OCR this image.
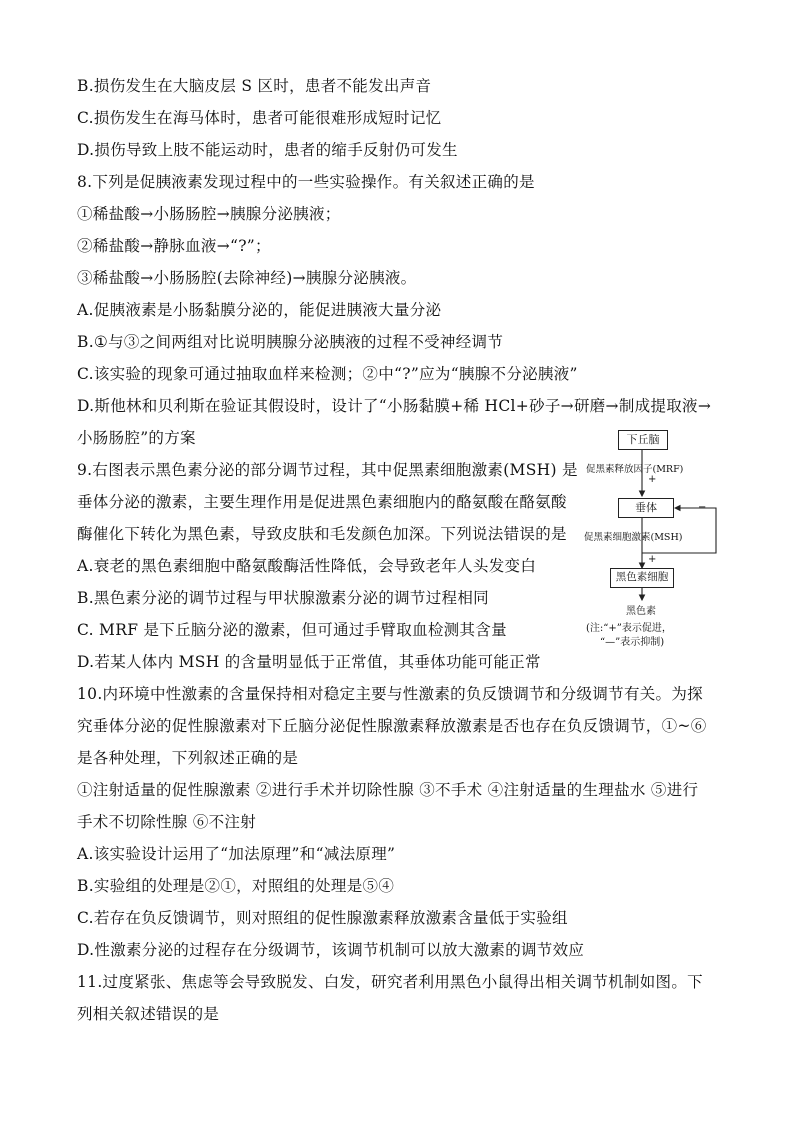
B.损伤发生在大脑皮层 S 区时，患者不能发出声音
C.损伤发生在海马体时，患者可能很难形成短时记忆
D.损伤导致上肢不能运动时，患者的缩手反射仍可发生
8.下列是促胰液素发现过程中的一些实验操作。有关叙述正确的是
①稀盐酸→小肠肠腔→胰腺分泌胰液；
②稀盐酸→静脉血液→“?”；
③稀盐酸→小肠肠腔(去除神经)→胰腺分泌胰液。
A.促胰液素是小肠黏膜分泌的，能促进胰液大量分泌
B.①与③之间两组对比说明胰腺分泌胰液的过程不受神经调节
C.该实验的现象可通过抽取血样来检测；②中“?”应为“胰腺不分泌胰液”
D.斯他林和贝利斯在验证其假设时，设计了“小肠黏膜+稀 HCl+砂子→研磨→制成提取液→
小肠肠腔”的方案
9.右图表示黑色素分泌的部分调节过程，其中促黑素细胞激素(MSH) 是
垂体分泌的激素，主要生理作用是促进黑色素细胞内的酪氨酸在酪氨酸
酶催化下转化为黑色素，导致皮肤和毛发颜色加深。下列说法错误的是
A.衰老的黑色素细胞中酪氨酸酶活性降低，会导致老年人头发变白
B.黑色素分泌的调节过程与甲状腺激素分泌的调节过程相同
C. MRF 是下丘脑分泌的激素，但可通过手臂取血检测其含量
D.若某人体内 MSH 的含量明显低于正常值，其垂体功能可能正常
10.内环境中性激素的含量保持相对稳定主要与性激素的负反馈调节和分级调节有关。为探
究垂体分泌的促性腺激素对下丘脑分泌促性腺激素释放激素是否也存在负反馈调节，①~⑥
是各种处理，下列叙述正确的是
①注射适量的促性腺激素 ②进行手术并切除性腺 ③不手术 ④注射适量的生理盐水 ⑤进行
手术不切除性腺 ⑥不注射
A.该实验设计运用了“加法原理”和“减法原理”
B.实验组的处理是②①，对照组的处理是⑤④
C.若存在负反馈调节，则对照组的促性腺激素释放激素含量低于实验组
D.性激素分泌的过程存在分级调节，该调节机制可以放大激素的调节效应
11.过度紧张、焦虑等会导致脱发、白发，研究者利用黑色小鼠得出相关调节机制如图。下
列相关叙述错误的是
下丘脑
促黑素释放因子(MRF)
+
垂体	−
促黑素细胞激素(MSH)
+
黑色素细胞
黑色素
(注:“+”表示促进，
“—”表示抑制)
